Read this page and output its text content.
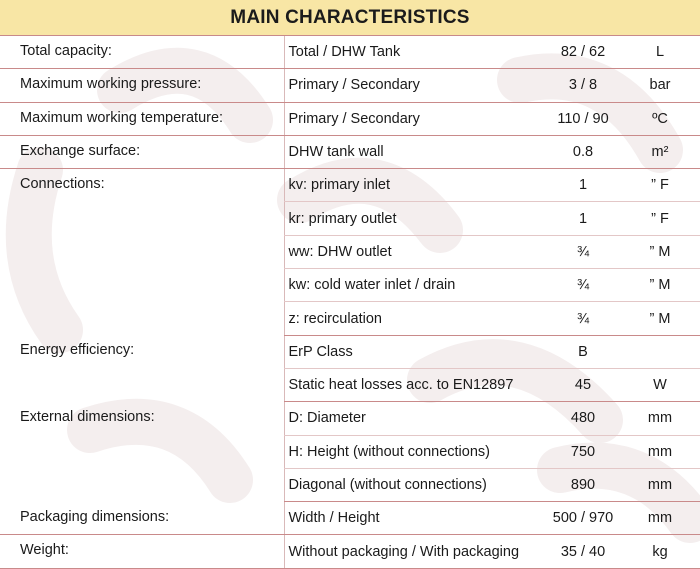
MAIN CHARACTERISTICS
Total capacity:	Total / DHW Tank	82 / 62	L
Maximum working pressure:	Primary / Secondary	3 / 8	bar
Maximum working temperature:	Primary / Secondary	110 / 90	ºC
Exchange surface:	DHW tank wall	0.8	m²
Connections:	kv: primary inlet	1	” F
	kr: primary outlet	1	” F
	ww: DHW outlet	¾	” M
	kw: cold water inlet / drain	¾	” M
	z: recirculation	¾	” M
Energy efficiency:	ErP Class	B	
	Static heat losses acc. to EN12897	45	W
External dimensions:	D: Diameter	480	mm
	H: Height (without connections)	750	mm
	Diagonal (without connections)	890	mm
Packaging dimensions:	Width / Height	500 / 970	mm
Weight:	Without packaging / With packaging	35 / 40	kg
